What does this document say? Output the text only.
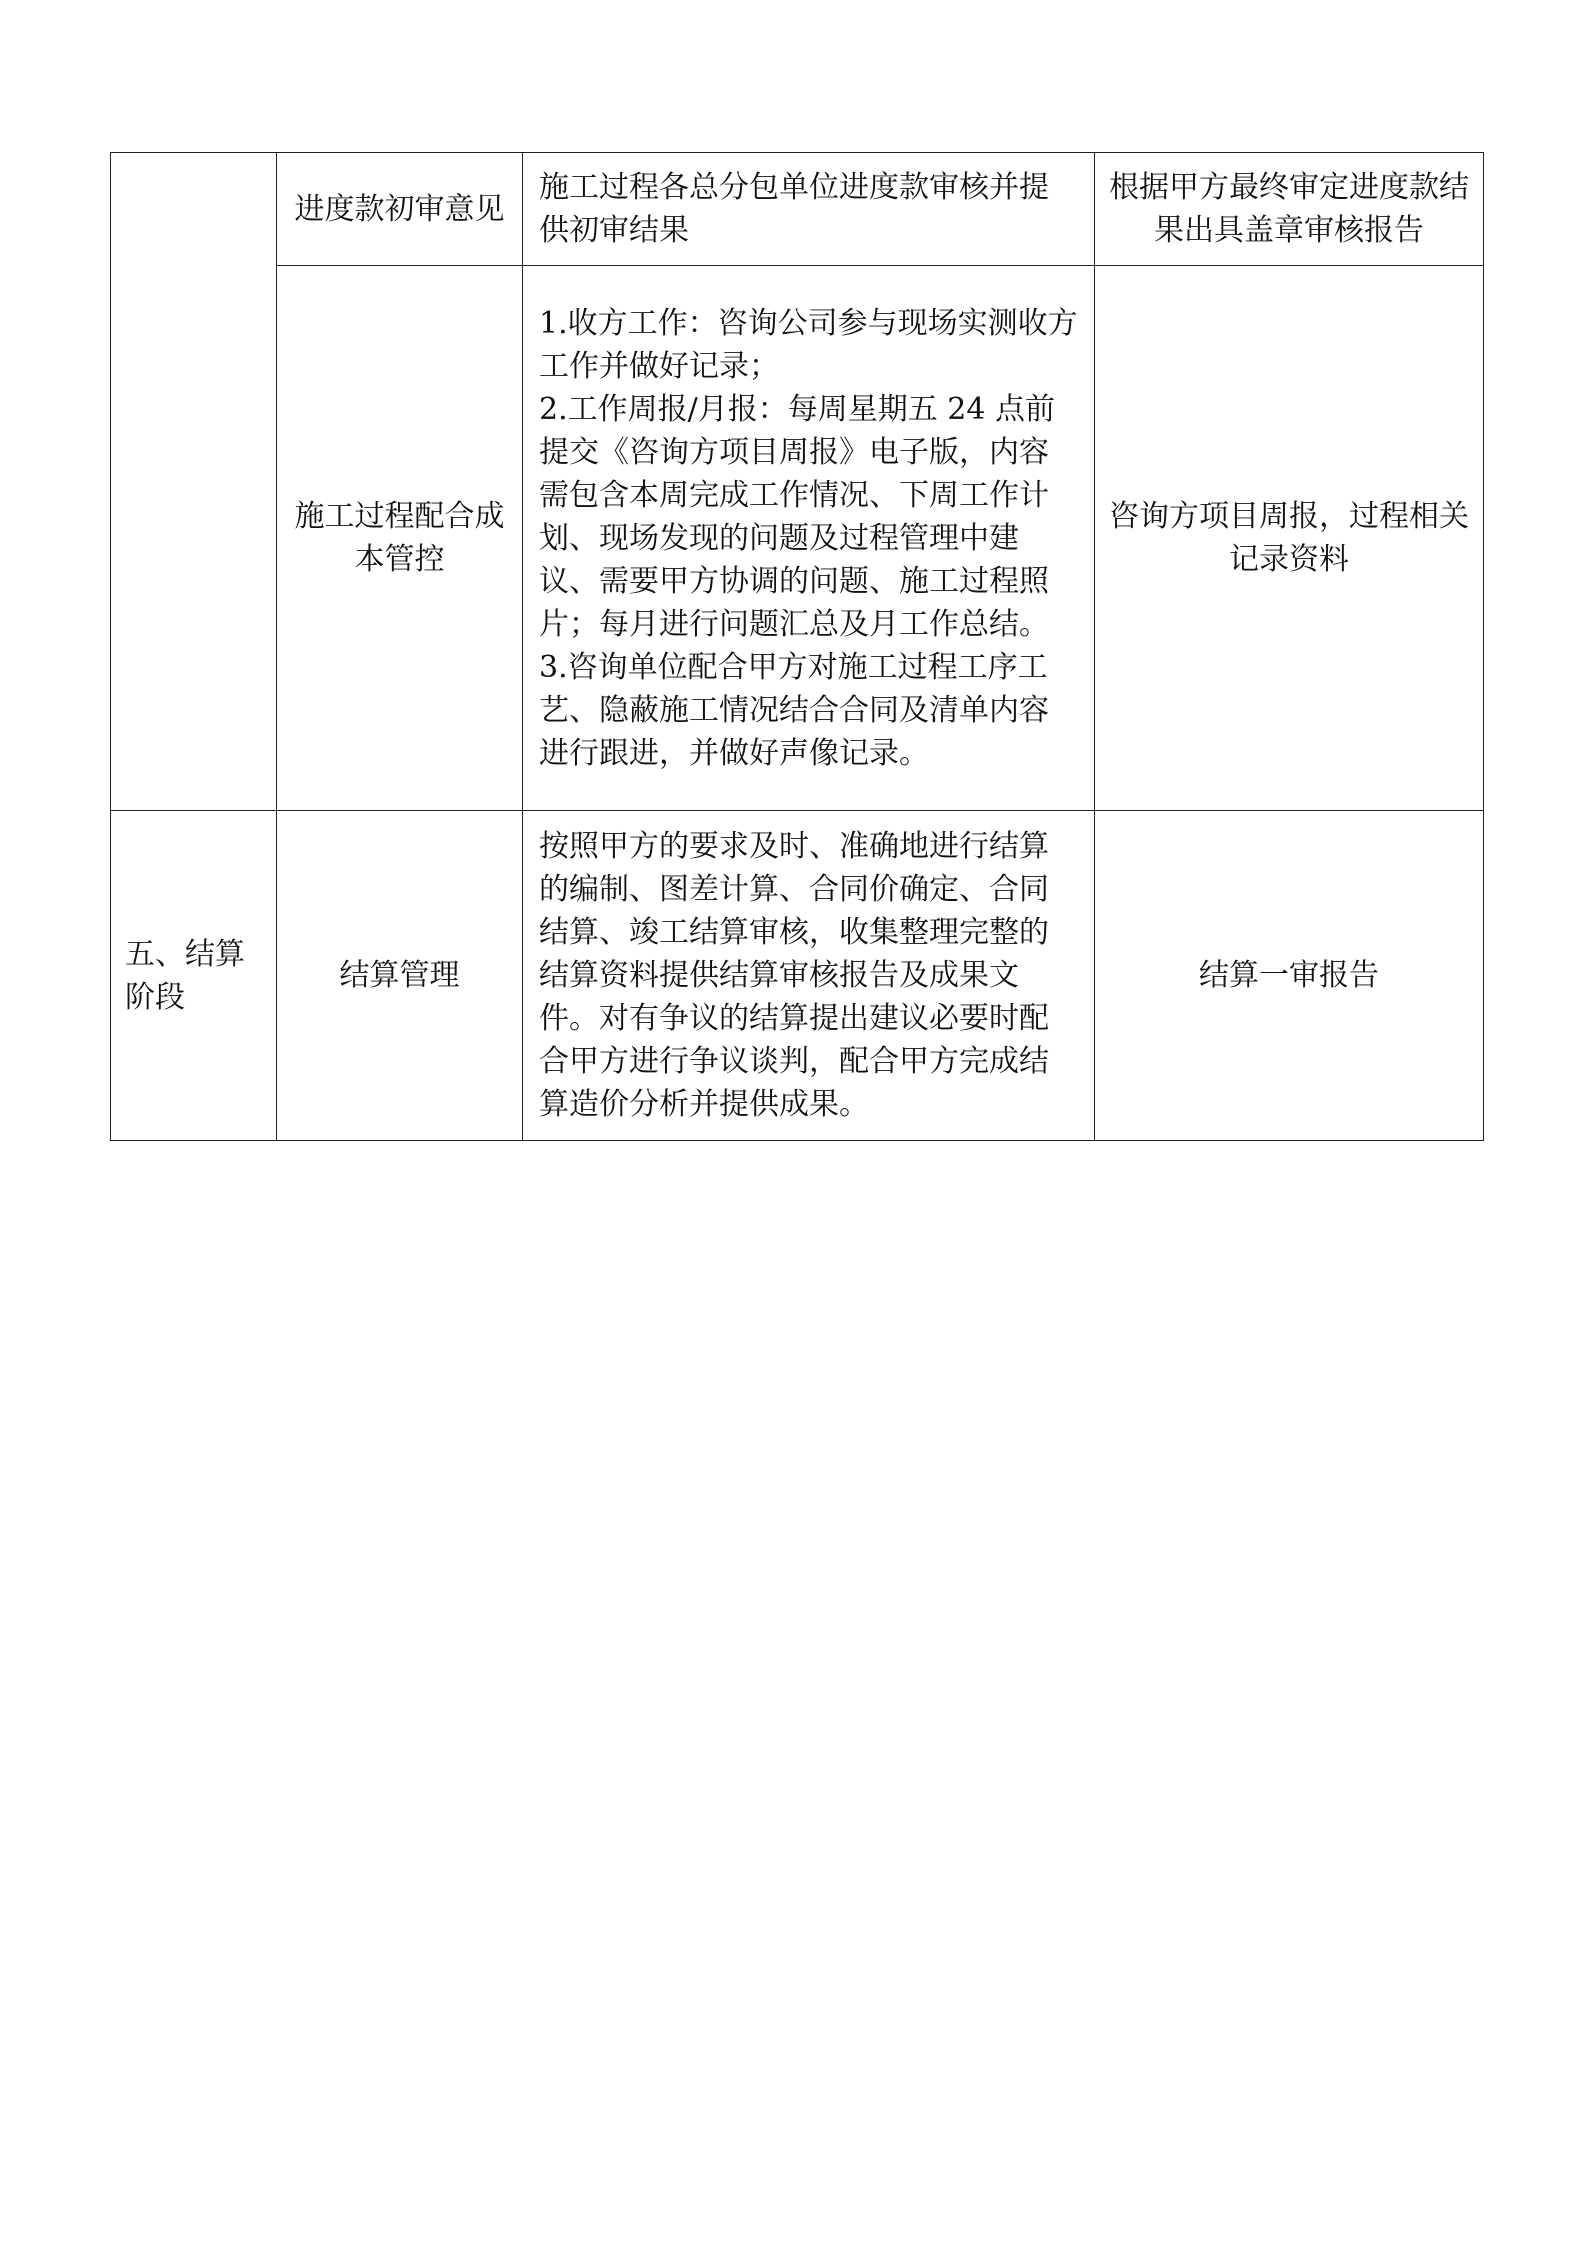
	进度款初审意见	施工过程各总分包单位进度款审核并提供初审结果	根据甲方最终审定进度款结果出具盖章审核报告

	施工过程配合成本管控	1.收方工作：咨询公司参与现场实测收方工作并做好记录；
2.工作周报/月报：每周星期五 24 点前提交《咨询方项目周报》电子版，内容需包含本周完成工作情况、下周工作计划、现场发现的问题及过程管理中建议、需要甲方协调的问题、施工过程照片；每月进行问题汇总及月工作总结。
3.咨询单位配合甲方对施工过程工序工艺、隐蔽施工情况结合合同及清单内容进行跟进，并做好声像记录。	咨询方项目周报，过程相关记录资料

五、结算阶段	结算管理	按照甲方的要求及时、准确地进行结算的编制、图差计算、合同价确定、合同结算、竣工结算审核，收集整理完整的结算资料提供结算审核报告及成果文件。对有争议的结算提出建议必要时配合甲方进行争议谈判，配合甲方完成结算造价分析并提供成果。	结算一审报告
